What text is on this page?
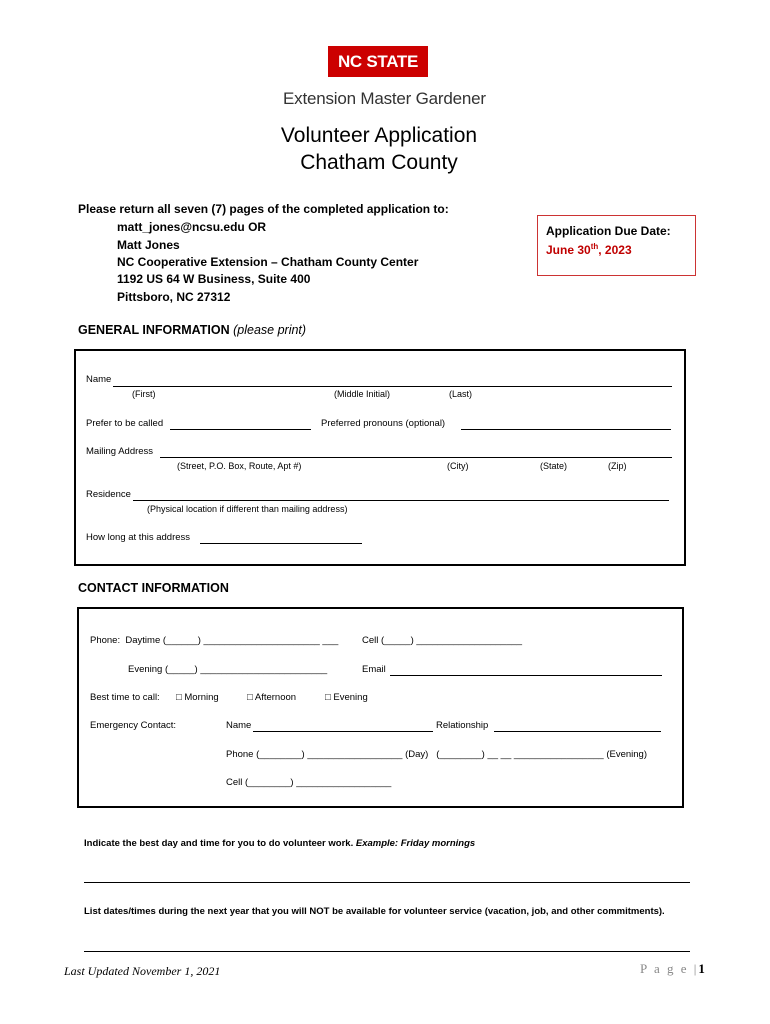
NC STATE
Extension Master Gardener
Volunteer Application
Chatham County
Please return all seven (7) pages of the completed application to:
matt_jones@ncsu.edu OR
Matt Jones
NC Cooperative Extension – Chatham County Center
1192 US 64 W Business, Suite 400
Pittsboro, NC 27312
Application Due Date:
June 30th, 2023
GENERAL INFORMATION (please print)
Name
(First)	(Middle Initial)	(Last)
Prefer to be called	Preferred pronouns (optional)
Mailing Address
(Street, P.O. Box, Route, Apt #)	(City)	(State)	(Zip)
Residence
(Physical location if different than mailing address)
How long at this address
CONTACT INFORMATION
Phone:  Daytime (______) ______________________ ___ Cell (_____) ____________________
Evening (_____) ________________________	Email
Best time to call: □ Morning	□ Afternoon	□ Evening
Emergency Contact:	Name	Relationship
Phone (________) __________________ (Day)   (________) __ __ _________________ (Evening)
Cell (________) __________________
Indicate the best day and time for you to do volunteer work. Example: Friday mornings
List dates/times during the next year that you will NOT be available for volunteer service (vacation, job, and other commitments).
Last Updated November 1, 2021	P a g e |1
